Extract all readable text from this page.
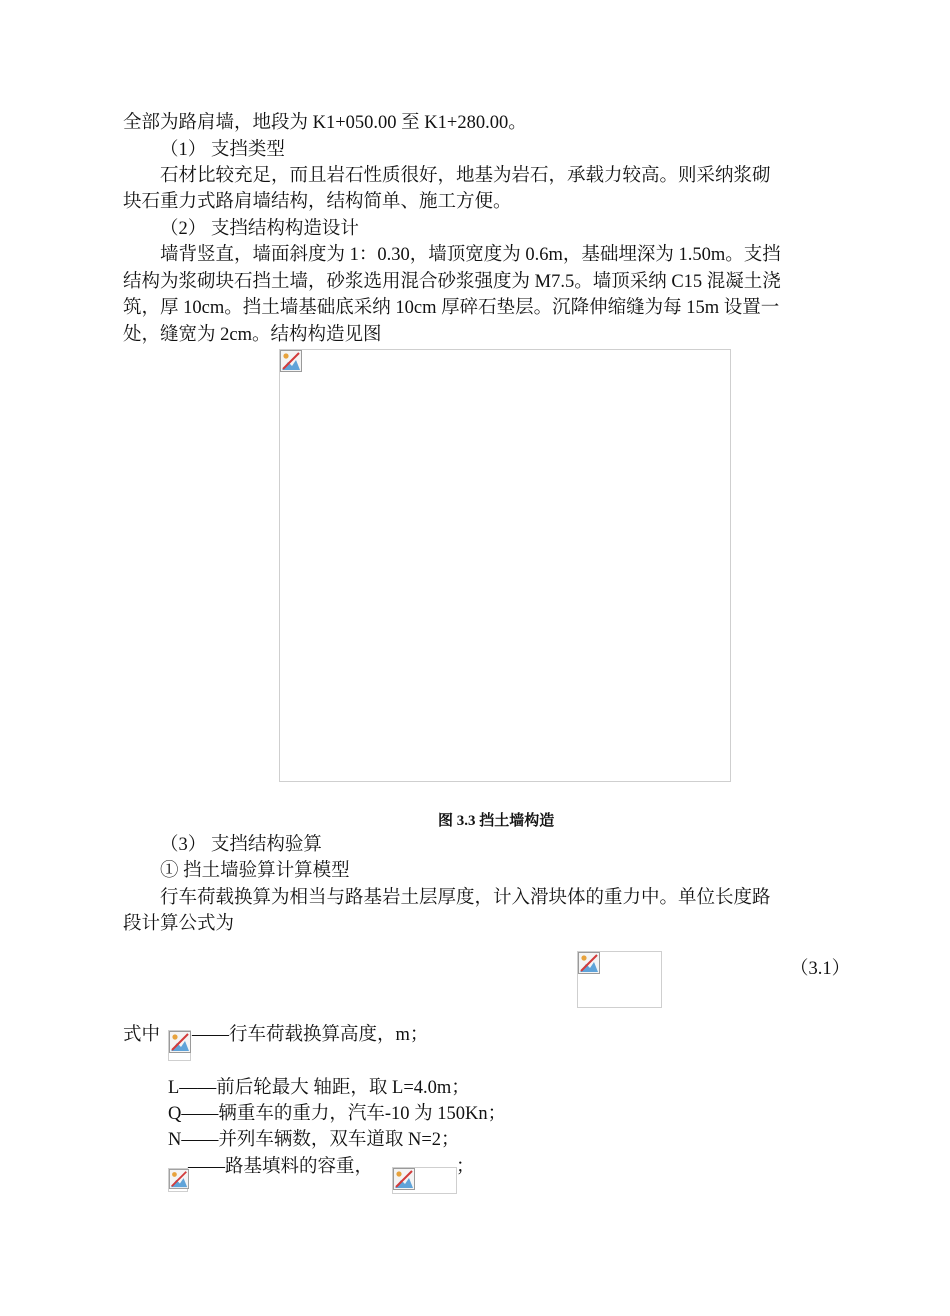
全部为路肩墙，地段为 K1+050.00 至 K1+280.00。
（1） 支挡类型
石材比较充足，而且岩石性质很好，地基为岩石，承载力较高。则采纳浆砌
块石重力式路肩墙结构，结构简单、施工方便。
（2） 支挡结构构造设计
墙背竖直，墙面斜度为 1：0.30，墙顶宽度为 0.6m，基础埋深为 1.50m。支挡
结构为浆砌块石挡土墙，砂浆选用混合砂浆强度为 M7.5。墙顶采纳 C15 混凝土浇
筑，厚 10cm。挡土墙基础底采纳 10cm 厚碎石垫层。沉降伸缩缝为每 15m 设置一
处，缝宽为 2cm。结构构造见图
图 3.3 挡土墙构造
（3） 支挡结构验算
① 挡土墙验算计算模型
行车荷载换算为相当与路基岩土层厚度，计入滑块体的重力中。单位长度路
段计算公式为
（3.1）
式中 ——行车荷载换算高度，m；
L——前后轮最大 轴距，取 L=4.0m；
Q——辆重车的重力，汽车-10 为 150Kn；
N——并列车辆数，双车道取 N=2；
——路基填料的容重，	；
